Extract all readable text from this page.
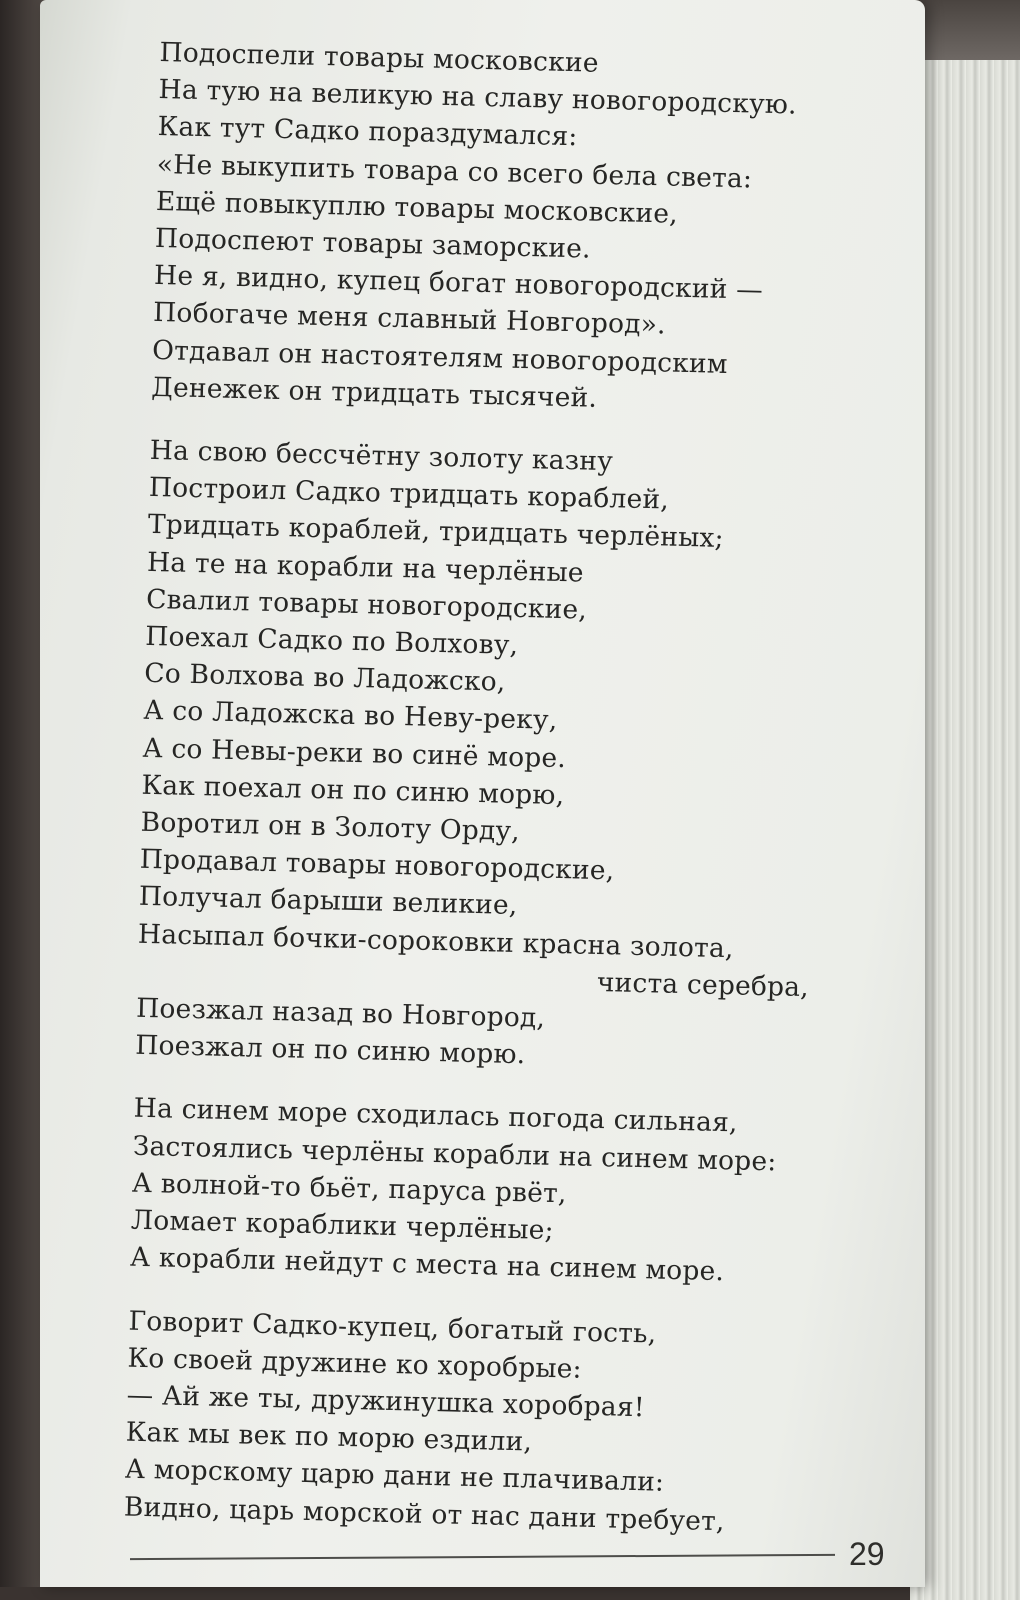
Подоспели товары московские
На тую на великую на славу новогородскую.
Как тут Садко пораздумался:
«Не выкупить товара со всего бела света:
Ещё повыкуплю товары московские,
Подоспеют товары заморские.
Не я, видно, купец богат новогородский —
Побогаче меня славный Новгород».
Отдавал он настоятелям новогородским
Денежек он тридцать тысячей.
На свою бессчётну золоту казну
Построил Садко тридцать кораблей,
Тридцать кораблей, тридцать черлёных;
На те на корабли на черлёные
Свалил товары новогородские,
Поехал Садко по Волхову,
Со Волхова во Ладожско,
А со Ладожска во Неву-реку,
А со Невы-реки во синё море.
Как поехал он по синю морю,
Воротил он в Золоту Орду,
Продавал товары новогородские,
Получал барыши великие,
Насыпал бочки-сороковки красна золота,
чиста серебра,
Поезжал назад во Новгород,
Поезжал он по синю морю.
На синем море сходилась погода сильная,
Застоялись черлёны корабли на синем море:
А волной-то бьёт, паруса рвёт,
Ломает кораблики черлёные;
А корабли нейдут с места на синем море.
Говорит Садко-купец, богатый гость,
Ко своей дружине ко хоробрые:
— Ай же ты, дружинушка хоробрая!
Как мы век по морю ездили,
А морскому царю дани не плачивали:
Видно, царь морской от нас дани требует,
29
